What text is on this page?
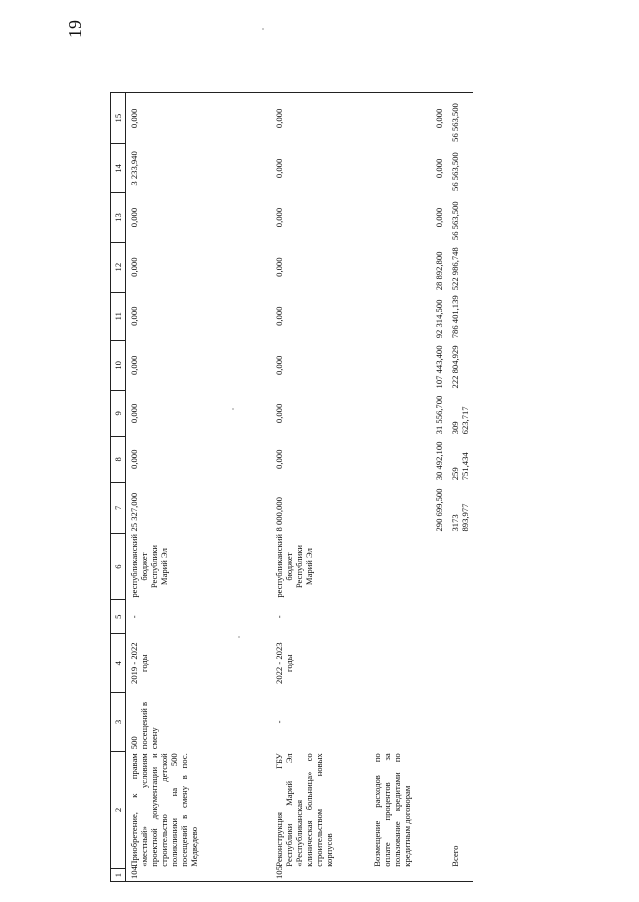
19
1	2	3	4	5	6	7	8	9	10	11	12	13	14	15
104.	Приобретение, к правам «местный» условиям проектной документации и строительство детской поликлиники на 500 посещений в смену в пос. Медведево	500 посещений в смену	2019 - 2022 годы	-	республиканский бюджет Республики Марий Эл	25 327,000	0,000	0,000	0,000	0,000	0,000	0,000	3 233,940	0,000
105.	Реконструкция ГБУ Республики Марий Эл «Республиканская клиническая больница» со строительством новых корпусов	-	2022 - 2023 годы	-	республиканский бюджет Республики Марий Эл	8 000,000	0,000	0,000	0,000	0,000	0,000	0,000	0,000	0,000
	Возмещение расходов по оплате процентов за пользование кредитами по кредитным договорам					290 699,500	30 492,100	31 556,700	107 443,400	92 314,500	28 892,800	0,000	0,000	0,000
	Всего					3173 893,977	259 751,434	309 623,717	222 804,929	786 401,139	522 986,748	56 563,500	56 563,500	56 563,500
